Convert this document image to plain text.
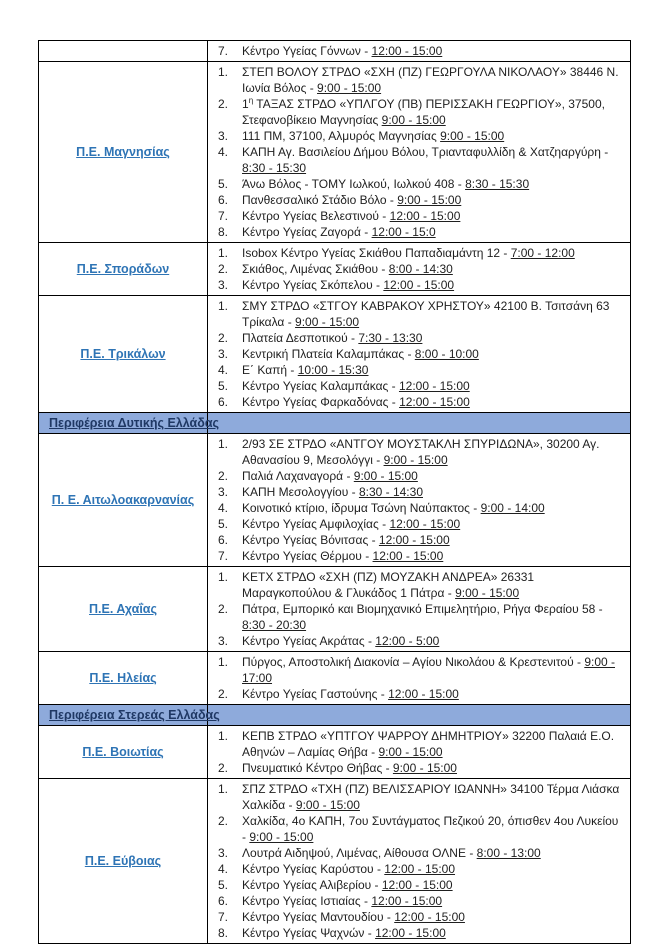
	7. Κέντρο Υγείας Γόννων - 12:00 - 15:00

Π.Ε. Μαγνησίας	
1.	ΣΤΕΠ ΒΟΛΟΥ ΣΤΡΔΟ «ΣΧΗ (ΠΖ) ΓΕΩΡΓΟΥΛΑ ΝΙΚΟΛΑΟΥ» 38446 Ν. Ιωνία Βόλος - 9:00 - 15:00
2.	$1^\eta$ ΤΑΞΑΣ ΣΤΡΔΟ «ΥΠΛΓΟΥ (ΠΒ) ΠΕΡΙΣΣΑΚΗ ΓΕΩΡΓΙΟΥ», 37500, Στεφανοβίκειο Μαγνησίας 9:00 - 15:00
3.	111 ΠΜ, 37100, Αλμυρός Μαγνησίας 9:00 - 15:00
4.	ΚΑΠΗ Αγ. Βασιλείου Δήμου Βόλου, Τριανταφυλλίδη & Χατζηαργύρη - 8:30 - 15:30
5.	Άνω Βόλος - ΤΟΜΥ Ιωλκού, Ιωλκού 408 - 8:30 - 15:30
6.	Πανθεσσαλικό Στάδιο Βόλο - 9:00 - 15:00
7.	Κέντρο Υγείας Βελεστινού - 12:00 - 15:00
8.	Κέντρο Υγείας Ζαγορά - 12:00 - 15:0

Π.Ε. Σποράδων	
1.	Isobox Κέντρο Υγείας Σκιάθου Παπαδιαμάντη 12 - 7:00 - 12:00
2.	Σκιάθος, Λιμένας Σκιάθου - 8:00 - 14:30
3.	Κέντρο Υγείας Σκόπελου - 12:00 - 15:00

Π.Ε. Τρικάλων	
1.	ΣΜΥ ΣΤΡΔΟ «ΣΤΓΟΥ ΚΑΒΡΑΚΟΥ ΧΡΗΣΤΟΥ» 42100 Β. Τσιτσάνη 63 Τρίκαλα - 9:00 - 15:00
2.	Πλατεία Δεσποτικού - 7:30 - 13:30
3.	Κεντρική Πλατεία Καλαμπάκας - 8:00 - 10:00
4.	Ε΄ Καπή - 10:00 - 15:30
5.	Κέντρο Υγείας Καλαμπάκας - 12:00 - 15:00
6.	Κέντρο Υγείας Φαρκαδόνας - 12:00 - 15:00

Περιφέρεια Δυτικής Ελλάδας	
Π. Ε. Αιτωλοακαρνανίας	
1.	2/93 ΣΕ ΣΤΡΔΟ «ΑΝΤΓΟΥ ΜΟΥΣΤΑΚΛΗ ΣΠΥΡΙΔΩΝΑ», 30200 Αγ. Αθανασίου 9, Μεσολόγγι - 9:00 - 15:00
2.	Παλιά Λαχαναγορά - 9:00 - 15:00
3.	ΚΑΠΗ Μεσολογγίου - 8:30 - 14:30
4.	Κοινοτικό κτίριο, ίδρυμα Τσώνη Ναύπακτος - 9:00 - 14:00
5.	Κέντρο Υγείας Αμφιλοχίας - 12:00 - 15:00
6.	Κέντρο Υγείας Βόνιτσας - 12:00 - 15:00
7.	Κέντρο Υγείας Θέρμου - 12:00 - 15:00

Π.Ε. Αχαΐας	
1.	ΚΕΤΧ ΣΤΡΔΟ «ΣΧΗ (ΠΖ) ΜΟΥΖΑΚΗ ΑΝΔΡΕΑ» 26331 Μαραγκοπούλου & Γλυκάδος 1 Πάτρα - 9:00 - 15:00
2.	Πάτρα, Εμπορικό και Βιομηχανικό Επιμελητήριο, Ρήγα Φεραίου 58 - 8:30 - 20:30
3.	Κέντρο Υγείας Ακράτας - 12:00 - 5:00

Π.Ε. Ηλείας	1. Πύργος, Αποστολική Διακονία – Αγίου Νικολάου & Κρεστενιτού - 9:00 - 17:00
2. Κέντρο Υγείας Γαστούνης - 12:00 - 15:00

Περιφέρεια Στερεάς Ελλάδας	
Π.Ε. Βοιωτίας	1. ΚΕΠΒ ΣΤΡΔΟ «ΥΠΤΓΟΥ ΨΑΡΡΟΥ ΔΗΜΗΤΡΙΟΥ» 32200 Παλαιά Ε.Ο. Αθηνών – Λαμίας Θήβα - 9:00 - 15:00
2. Πνευματικό Κέντρο Θήβας - 9:00 - 15:00

Π.Ε. Εύβοιας	
1.	ΣΠΖ ΣΤΡΔΟ «ΤΧΗ (ΠΖ) ΒΕΛΙΣΣΑΡΙΟΥ ΙΩΑΝΝΗ» 34100 Τέρμα Λιάσκα Χαλκίδα - 9:00 - 15:00
2.	Χαλκίδα, 4ο ΚΑΠΗ, 7ου Συντάγματος Πεζικού 20, όπισθεν 4ου Λυκείου - 9:00 - 15:00
3.	Λουτρά Αιδηψού, Λιμένας, Αίθουσα ΟΛΝΕ - 8:00 - 13:00
4.	Κέντρο Υγείας Καρύστου - 12:00 - 15:00
5.	Κέντρο Υγείας Αλιβερίου - 12:00 - 15:00
6.	Κέντρο Υγείας Ιστιαίας - 12:00 - 15:00
7.	Κέντρο Υγείας Μαντουδίου - 12:00 - 15:00
8.	Κέντρο Υγείας Ψαχνών - 12:00 - 15:00
